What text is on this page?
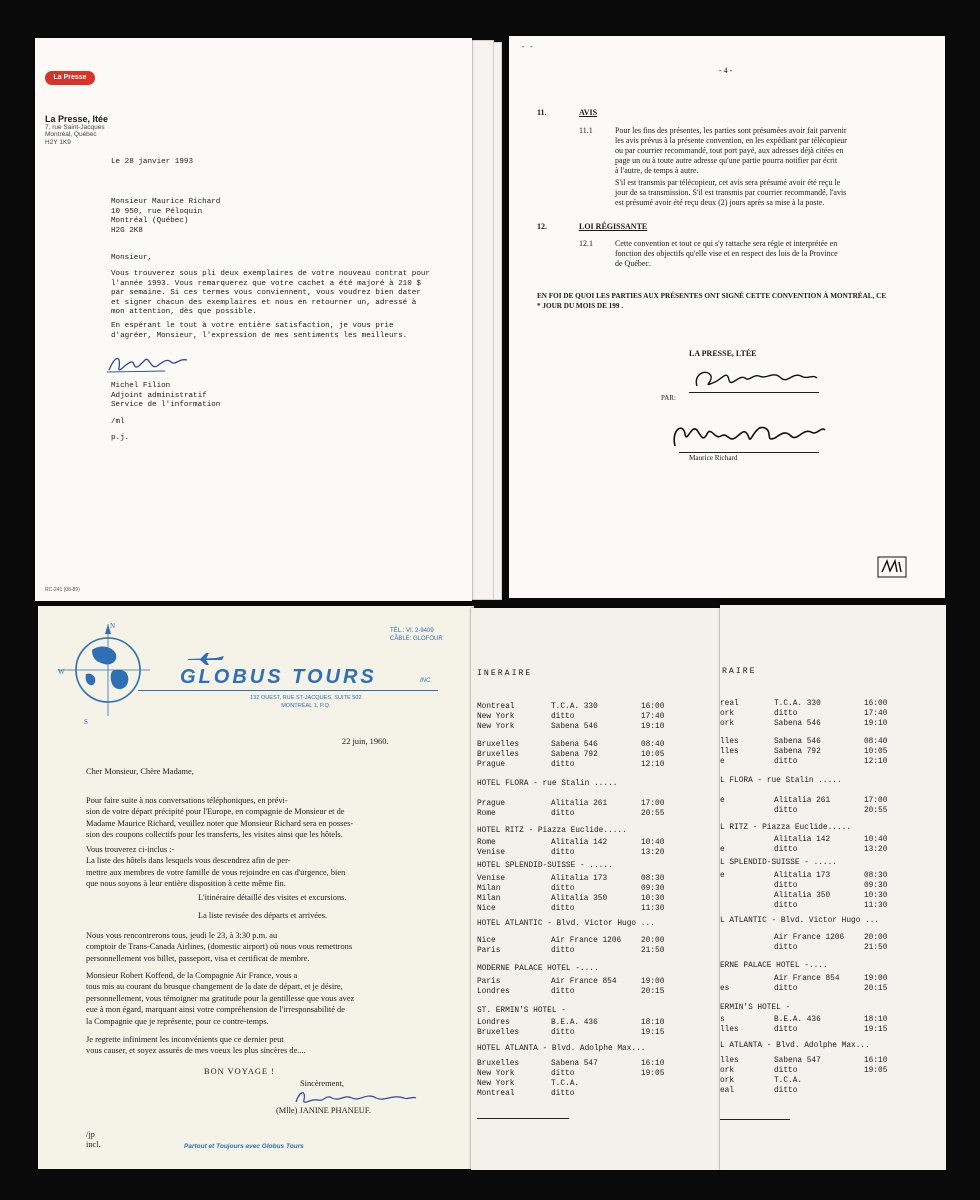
La Presse
La Presse, ltée
7, rue Saint-Jacques
Montréal, Québec
H2Y 1K9
Le 28 janvier 1993
Monsieur Maurice Richard
10 950, rue Péloquin
Montréal (Québec)
H2G 2K8
Monsieur,
Vous trouverez sous pli deux exemplaires de votre nouveau contrat pour
l'année 1993. Vous remarquerez que votre cachet a été majoré à 210 $
par semaine. Si ces termes vous conviennent, vous voudrez bien dater
et signer chacun des exemplaires et nous en retourner un, adressé à
mon attention, dès que possible.
En espérant le tout à votre entière satisfaction, je vous prie
d'agréer, Monsieur, l'expression de mes sentiments les meilleurs.
Michel Filion
Adjoint administratif
Service de l'information
/ml
p.j.
RC-241 (08-89)
- -
- 4 -
11.	AVIS
11.1	Pour les fins des présentes, les parties sont présumées avoir fait parvenir
les avis prévus à la présente convention, en les expédiant par télécopieur
ou par courrier recommandé, tout port payé, aux adresses déjà citées en
page un ou à toute autre adresse qu'une partie pourra notifier par écrit
à l'autre, de temps à autre.
S'il est transmis par télécopieur, cet avis sera présumé avoir été reçu le
jour de sa transmission. S'il est transmis par courrier recommandé, l'avis
est présumé avoir été reçu deux (2) jours après sa mise à la poste.
12.	LOI RÉGISSANTE
12.1	Cette convention et tout ce qui s'y rattache sera régie et interprétée en
fonction des objectifs qu'elle vise et en respect des lois de la Province
de Québec.
EN FOI DE QUOI LES PARTIES AUX PRÉSENTES ONT SIGNÉ CETTE CONVENTION À MONTRÉAL, CE
* JOUR DU MOIS DE 199 .
LA PRESSE, LTÉE
PAR:
Maurice Richard
N
W
S
TÉL.: VI. 2-9409
CÂBLE: GLOFOUR
GLOBUS TOURS	INC.
132 OUEST, RUE ST-JACQUES, SUITE 502
MONTRÉAL 1, P.Q.
22 juin, 1960.
Cher Monsieur, Chère Madame,
Pour faire suite à nos conversations téléphoniques, en prévi-
sion de votre départ précipité pour l'Europe, en compagnie de Monsieur et de
Madame Maurice Richard, veuillez noter que Monsieur Richard sera en posses-
sion des coupons collectifs pour les transferts, les visites ainsi que les hôtels.
Vous trouverez ci-inclus :-
La liste des hôtels dans lesquels vous descendrez afin de per-
mettre aux membres de votre famille de vous rejoindre en cas d'urgence, bien
que nous soyons à leur entière disposition à cette même fin.
L'itinéraire détaillé des visites et excursions.
La liste revisée des départs et arrivées.
Nous vous rencontrerons tous, jeudi le 23, à 3:30 p.m. au
comptoir de Trans-Canada Airlines, (domestic airport) où nous vous remettrons
personnellement vos billet, passeport, visa et certificat de membre.
Monsieur Robert Koffend, de la Compagnie Air France, vous a
tous mis au courant du brusque changement de la date de départ, et je désire,
personnellement, vous témoigner ma gratitude pour la gentillesse que vous avez
eue à mon égard, marquant ainsi votre compréhension de l'irresponsabilité de
la Compagnie que je représente, pour ce contre-temps.
Je regrette infiniment les inconvénients que ce dernier peut
vous causer, et soyez assurés de mes voeux les plus sincères de....
BON VOYAGE !
Sincèrement,
(Mlle) JANINE PHANEUF.
/jp
incl.	Partout et Toujours avec Globus Tours
INERAIRE
Montreal	T.C.A. 330	16:00
New York	ditto	17:40
New York	Sabena 546	19:10
Bruxelles	Sabena 546	08:40
Bruxelles	Sabena 792	10:05
Prague	ditto	12:10
HOTEL FLORA - rue Stalin .....
Prague	Alitalia 261	17:00
Rome	ditto	20:55
HOTEL RITZ - Piazza Euclide.....
Rome	Alitalia 142	10:40
Venise	ditto	13:20
HOTEL SPLENDID-SUISSE - .....
Venise	Alitalia 173	08:30
Milan	ditto	09:30
Milan	Alitalia 350	10:30
Nice	ditto	11:30
HOTEL ATLANTIC - Blvd. Victor Hugo ...
Nice	Air France 1206	20:00
Paris	ditto	21:50
MODERNE PALACE HOTEL -....
Paris	Air France 854	19:00
Londres	ditto	20:15
ST. ERMIN'S HOTEL -
Londres	B.E.A. 436	18:10
Bruxelles	ditto	19:15
HOTEL ATLANTA - Blvd. Adolphe Max...
Bruxelles	Sabena 547	16:10
New York	ditto	19:05
New York	T.C.A.
Montreal	ditto
RAIRE
real	T.C.A. 330	16:00
ork	ditto	17:40
ork	Sabena 546	19:10
lles	Sabena 546	08:40
lles	Sabena 792	10:05
e	ditto	12:10
L FLORA - rue Stalin .....
e	Alitalia 261	17:00
ditto	20:55
L RITZ - Piazza Euclide.....
Alitalia 142	10:40
e	ditto	13:20
L SPLENDID-SUISSE - .....
e	Alitalia 173	08:30
ditto	09:30
Alitalia 350	10:30
ditto	11:30
L ATLANTIC - Blvd. Victor Hugo ...
Air France 1206	20:00
ditto	21:50
ERNE PALACE HOTEL -....
Air France 854	19:00
es	ditto	20:15
ERMIN'S HOTEL -
s	B.E.A. 436	18:10
lles	ditto	19:15
L ATLANTA - Blvd. Adolphe Max...
lles	Sabena 547	16:10
ork	ditto	19:05
ork	T.C.A.
eal	ditto
